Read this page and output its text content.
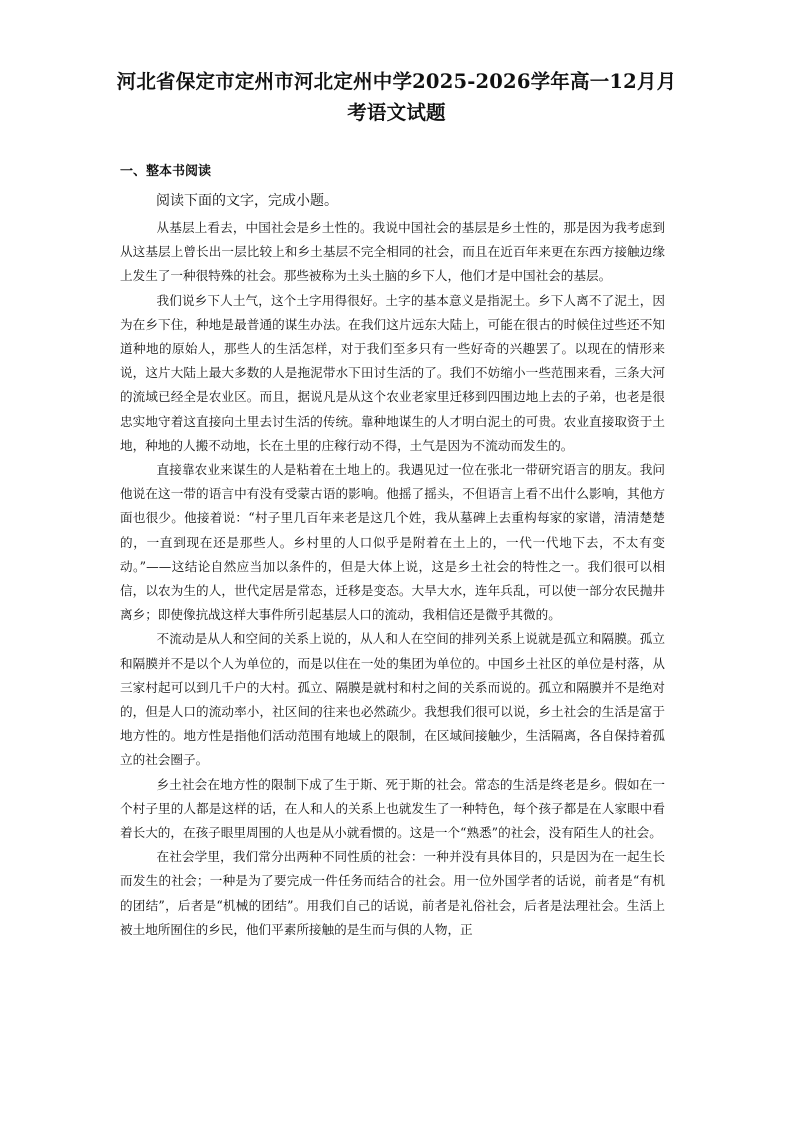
河北省保定市定州市河北定州中学2025-2026学年高一12月月考语文试题
一、整本书阅读
阅读下面的文字，完成小题。

从基层上看去，中国社会是乡土性的。我说中国社会的基层是乡土性的，那是因为我考虑到从这基层上曾长出一层比较上和乡土基层不完全相同的社会，而且在近百年来更在东西方接触边缘上发生了一种很特殊的社会。那些被称为土头土脑的乡下人，他们才是中国社会的基层。

我们说乡下人土气，这个土字用得很好。土字的基本意义是指泥土。乡下人离不了泥土，因为在乡下住，种地是最普通的谋生办法。在我们这片远东大陆上，可能在很古的时候住过些还不知道种地的原始人，那些人的生活怎样，对于我们至多只有一些好奇的兴趣罢了。以现在的情形来说，这片大陆上最大多数的人是拖泥带水下田讨生活的了。我们不妨缩小一些范围来看，三条大河的流域已经全是农业区。而且，据说凡是从这个农业老家里迁移到四围边地上去的子弟，也老是很忠实地守着这直接向土里去讨生活的传统。靠种地谋生的人才明白泥土的可贵。农业直接取资于土地，种地的人搬不动地，长在土里的庄稼行动不得，土气是因为不流动而发生的。

直接靠农业来谋生的人是粘着在土地上的。我遇见过一位在张北一带研究语言的朋友。我问他说在这一带的语言中有没有受蒙古语的影响。他摇了摇头，不但语言上看不出什么影响，其他方面也很少。他接着说：“村子里几百年来老是这几个姓，我从墓碑上去重构每家的家谱，清清楚楚的，一直到现在还是那些人。乡村里的人口似乎是附着在土上的，一代一代地下去，不太有变动。”——这结论自然应当加以条件的，但是大体上说，这是乡土社会的特性之一。我们很可以相信，以农为生的人，世代定居是常态，迁移是变态。大旱大水，连年兵乱，可以使一部分农民抛井离乡；即使像抗战这样大事件所引起基层人口的流动，我相信还是微乎其微的。

不流动是从人和空间的关系上说的，从人和人在空间的排列关系上说就是孤立和隔膜。孤立和隔膜并不是以个人为单位的，而是以住在一处的集团为单位的。中国乡土社区的单位是村落，从三家村起可以到几千户的大村。孤立、隔膜是就村和村之间的关系而说的。孤立和隔膜并不是绝对的，但是人口的流动率小，社区间的往来也必然疏少。我想我们很可以说，乡土社会的生活是富于地方性的。地方性是指他们活动范围有地域上的限制，在区域间接触少，生活隔离，各自保持着孤立的社会圈子。

乡土社会在地方性的限制下成了生于斯、死于斯的社会。常态的生活是终老是乡。假如在一个村子里的人都是这样的话，在人和人的关系上也就发生了一种特色，每个孩子都是在人家眼中看着长大的，在孩子眼里周围的人也是从小就看惯的。这是一个“熟悉”的社会，没有陌生人的社会。

在社会学里，我们常分出两种不同性质的社会：一种并没有具体目的，只是因为在一起生长而发生的社会；一种是为了要完成一件任务而结合的社会。用一位外国学者的话说，前者是“有机的团结”，后者是“机械的团结”。用我们自己的话说，前者是礼俗社会，后者是法理社会。生活上被土地所囿住的乡民，他们平素所接触的是生而与俱的人物，正
